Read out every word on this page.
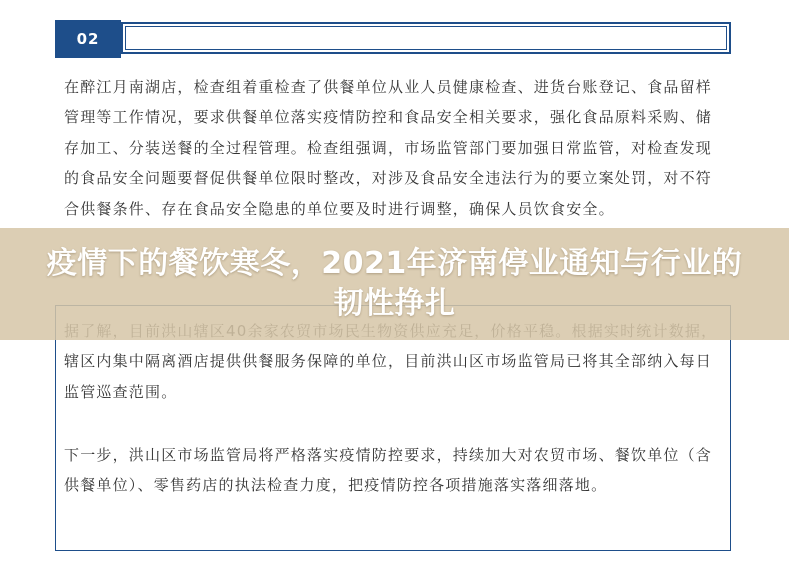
02
在醉江月南湖店，检查组着重检查了供餐单位从业人员健康检查、进货台账登记、食品留样管理等工作情况，要求供餐单位落实疫情防控和食品安全相关要求，强化食品原料采购、储存加工、分装送餐的全过程管理。检查组强调，市场监管部门要加强日常监管，对检查发现的食品安全问题要督促供餐单位限时整改，对涉及食品安全违法行为的要立案处罚，对不符合供餐条件、存在食品安全隐患的单位要及时进行调整，确保人员饮食安全。
辖区内集中隔离酒店提供供餐服务保障的单位，目前洪山区市场监管局已将其全部纳入每日监管巡查范围。
下一步，洪山区市场监管局将严格落实疫情防控要求，持续加大对农贸市场、餐饮单位（含供餐单位）、零售药店的执法检查力度，把疫情防控各项措施落实落细落地。
疫情下的餐饮寒冬，2021年济南停业通知与行业的韧性挣扎
